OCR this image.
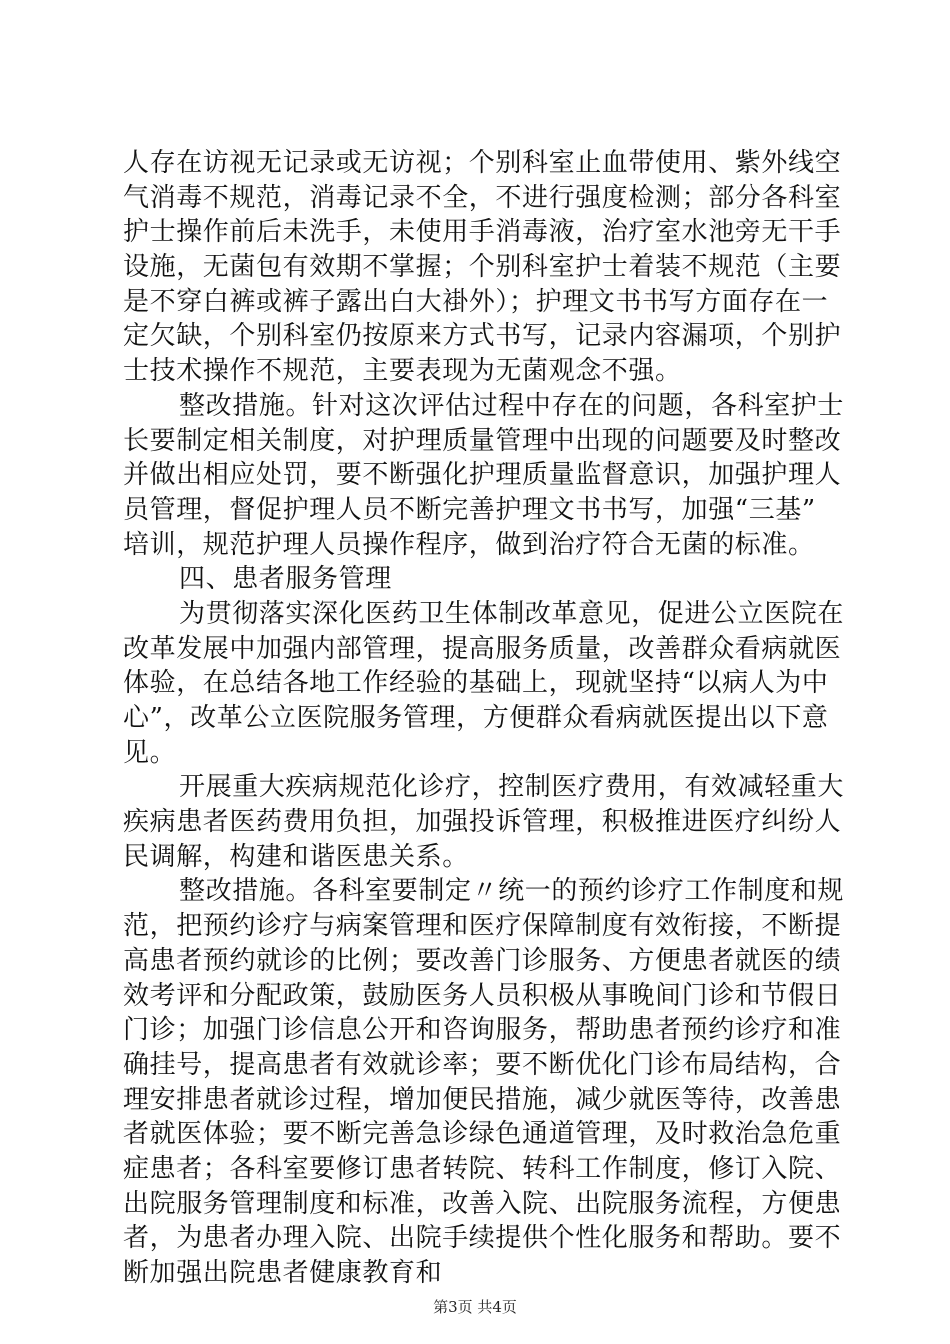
人存在访视无记录或无访视；个别科室止血带使用、紫外线空
气消毒不规范，消毒记录不全，不进行强度检测；部分各科室
护士操作前后未洗手，未使用手消毒液，治疗室水池旁无干手
设施，无菌包有效期不掌握；个别科室护士着装不规范（主要
是不穿白裤或裤子露出白大褂外）；护理文书书写方面存在一
定欠缺，个别科室仍按原来方式书写，记录内容漏项，个别护
士技术操作不规范，主要表现为无菌观念不强。
整改措施。针对这次评估过程中存在的问题，各科室护士
长要制定相关制度，对护理质量管理中出现的问题要及时整改
并做出相应处罚，要不断强化护理质量监督意识，加强护理人
员管理，督促护理人员不断完善护理文书书写，加强“三基”
培训，规范护理人员操作程序，做到治疗符合无菌的标准。
四、患者服务管理
为贯彻落实深化医药卫生体制改革意见，促进公立医院在
改革发展中加强内部管理，提高服务质量，改善群众看病就医
体验，在总结各地工作经验的基础上，现就坚持“以病人为中
心”，改革公立医院服务管理，方便群众看病就医提出以下意
见。
开展重大疾病规范化诊疗，控制医疗费用，有效减轻重大
疾病患者医药费用负担，加强投诉管理，积极推进医疗纠纷人
民调解，构建和谐医患关系。
整改措施。各科室要制定〃统一的预约诊疗工作制度和规
范，把预约诊疗与病案管理和医疗保障制度有效衔接，不断提
高患者预约就诊的比例；要改善门诊服务、方便患者就医的绩
效考评和分配政策，鼓励医务人员积极从事晚间门诊和节假日
门诊；加强门诊信息公开和咨询服务，帮助患者预约诊疗和准
确挂号，提高患者有效就诊率；要不断优化门诊布局结构，合
理安排患者就诊过程，增加便民措施，减少就医等待，改善患
者就医体验；要不断完善急诊绿色通道管理，及时救治急危重
症患者；各科室要修订患者转院、转科工作制度，修订入院、
出院服务管理制度和标准，改善入院、出院服务流程，方便患
者，为患者办理入院、出院手续提供个性化服务和帮助。要不
断加强出院患者健康教育和
第3页 共4页
